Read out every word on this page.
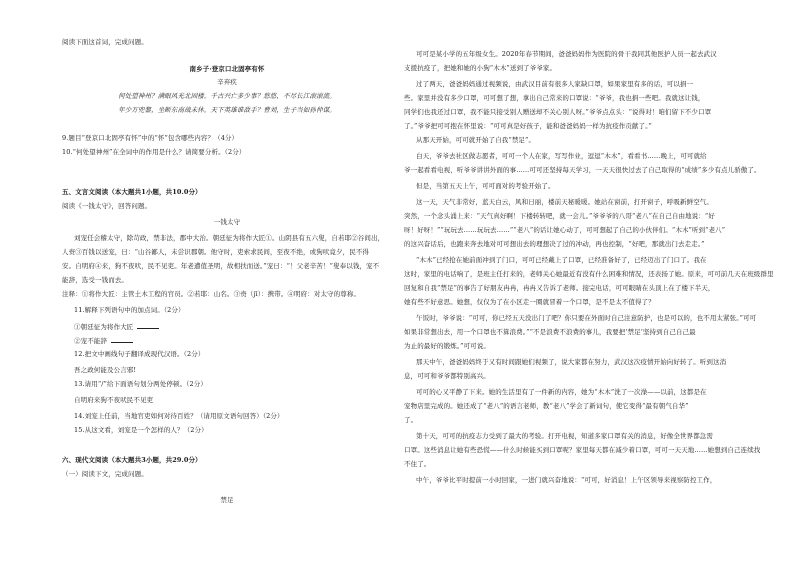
阅读下面这首词，完成问题。
南乡子·登京口北固亭有怀
辛弃疾
何处望神州？满眼风光北固楼。千古兴亡多少事？悠悠，不尽长江滚滚流。
年少万兜鍪，坐断东南战未休。天下英雄谁敌手？曹刘，生子当如孙仲谋。
9.题目“登京口北固亭有怀”中的“怀”包含哪些内容？（4分）
10.“何处望神州”在全词中的作用是什么？请简要分析。（2分）
五、文言文阅读（本大题共1小题，共10.0分）
阅读《一钱太守》，回答问题。
一钱太守
刘宠任会稽太守，除苛政，禁非法，郡中大治。朝廷征为将作大匠①。山阴县有五六叟，自若耶②谷间出，
人赍③百钱以送宠，曰：“山谷鄙人，未尝识郡朝。他守时，吏索求民间，至夜不绝，或狗吠竟夕，民不得
安。自明府④来，狗不夜吠，民不见吏。年老遭值圣明，故相扶而送。”宠曰：“！父老辛苦！”叟奉以钱，宠不
能辞，选受一钱而去。
注释：①将作大匠：主管土木工程的官员。②若耶：山名。③赍（jī）：携带。④明府：对太守的尊称。
11.解释下列语句中的加点词。（2分）
①朝廷征为将作大匠
②宠不能辞
12.把文中画线句子翻译成现代汉语。（2分）
吾之政何能及公言邪!
13.请用“/”给下面语句划分两处停顿。（2分）
自明府来狗不夜吠民不见吏
14.刘宠上任前，当地官吏如何对待百姓？（请用原文语句回答）（2分）
15.从这文看，刘宠是一个怎样的人？（2分）
六、现代文阅读（本大题共3小题，共29.0分）
（一）阅读下文，完成问题。
禁足
可可是某小学的五年级女生。2020年春节期间，爸爸妈妈作为医院的骨干我同其他医护人员一起去武汉
支援抗疫了，把她和她的小狗“木木”送到了爷爷家。
过了两天，爸爸妈妈通过视频说，由武汉目前有很多人家缺口罩，如果家里有多的话，可以捐一
些。家里并没有多少口罩，可可想了想，拿出自己常来的口罩说：“爷爷，我也捐一些吧。我就这让钱，
同学们也我还过口罩，我不能只接受别人赠送却不关心别人呀。”爷爷点点头：“说得对！咱们留下不少口罩
了。”爷爷把可可抱在怀里说：“可可真是好孩子，能和爸爸妈妈一样为抗疫作贡献了。”
从那天开始，可可就开始了自我“禁足”。
白天，爷爷去社区做志愿者，可可一个人在家，写写作业，逗逗“木木”，看看书……晚上，可可就给
爷一起看看电视，听爷爷讲讲外面的事……可可还坚持每天学习，一天天很快过去了自己取得的“成绩”多少有点儿骄傲了。
但是，当第五天上午，可可面对的考验开始了。
这一天，天气非常好，蓝天白云，风和日丽，楼前天秘暖暖。她站在窗前，打开窗子，呼吸新鲜空气。
突然，一个念头涌上来：“天气真好啊！下楼转转吧，就一会儿。”爷爷爷的八哥“老八”在自己自由地说：“好
呀！好呀！”“玩玩去……玩玩去……”“老八”的话让她心动了，可可想起了自己的小伙伴们。“木木”听到“老八”
的这兴奋话后，也跑来奔去地对可可想出去的理想决了过的冲动，再也控制，“好吧，那就出门去走走。”
“木木”已经抢在她前面冲到了门口，可可已经戴上了口罩，已经准备好了，已经迈出了门口了。我在
这时，家里的电话响了，是班主任打来的，老师关心她最近有没有什么困难和情况，还表扬了她。原来，可可前几天在班级群里
回复和自我“禁足”的事告了好朋友冉冉，冉冉又告诉了老师。接完电话，可可眼睛在头顶上在了楼下半天，
她有些不好意思。她想，仅仅为了在小区走一圈就冒着一个口罩，是不是太不值得了？
午饭时，爷爷说：“可可，你已经五天没出门了吧？你只要在外面时自己注意防护，也是可以的，也不用太紧张。”可可
如果非常想出去，用一个口罩也不算浪费。”“不是浪费不浪费的事儿，我要把‘禁足’坚持到自己自己最
为止的最好的锻炼。”可可说。
那天中午，爸爸妈妈终于又有时间跟她们视频了，说大家都在努力，武汉这次疫情开始向好转了。听到这消
息，可可和爷爷都特别高兴。
可可的心又平静了下来。她的生活里有了一件新的内容，她为“木木”洗了一次澡——以前，这都是在
宠物店里完成的。她还成了“老八”的语言老师，教“老八”学会了新词句，使它变得“最有朝气自华”
了。
第十天，可可的抗疫志力受到了最大的考验。打开电视，知道多家口罩有关的消息，好像全世界都急需
口罩。这些消息让她有些恐慌——什么时候能买到口罩呢？家里每天都在减少着口罩，可可一天天地……她想到自己连续找
不住了。
中午，爷爷比平时提前一小时回家，一进门就兴奋地说：“可可，好消息！上午区领导来视察防控工作，
